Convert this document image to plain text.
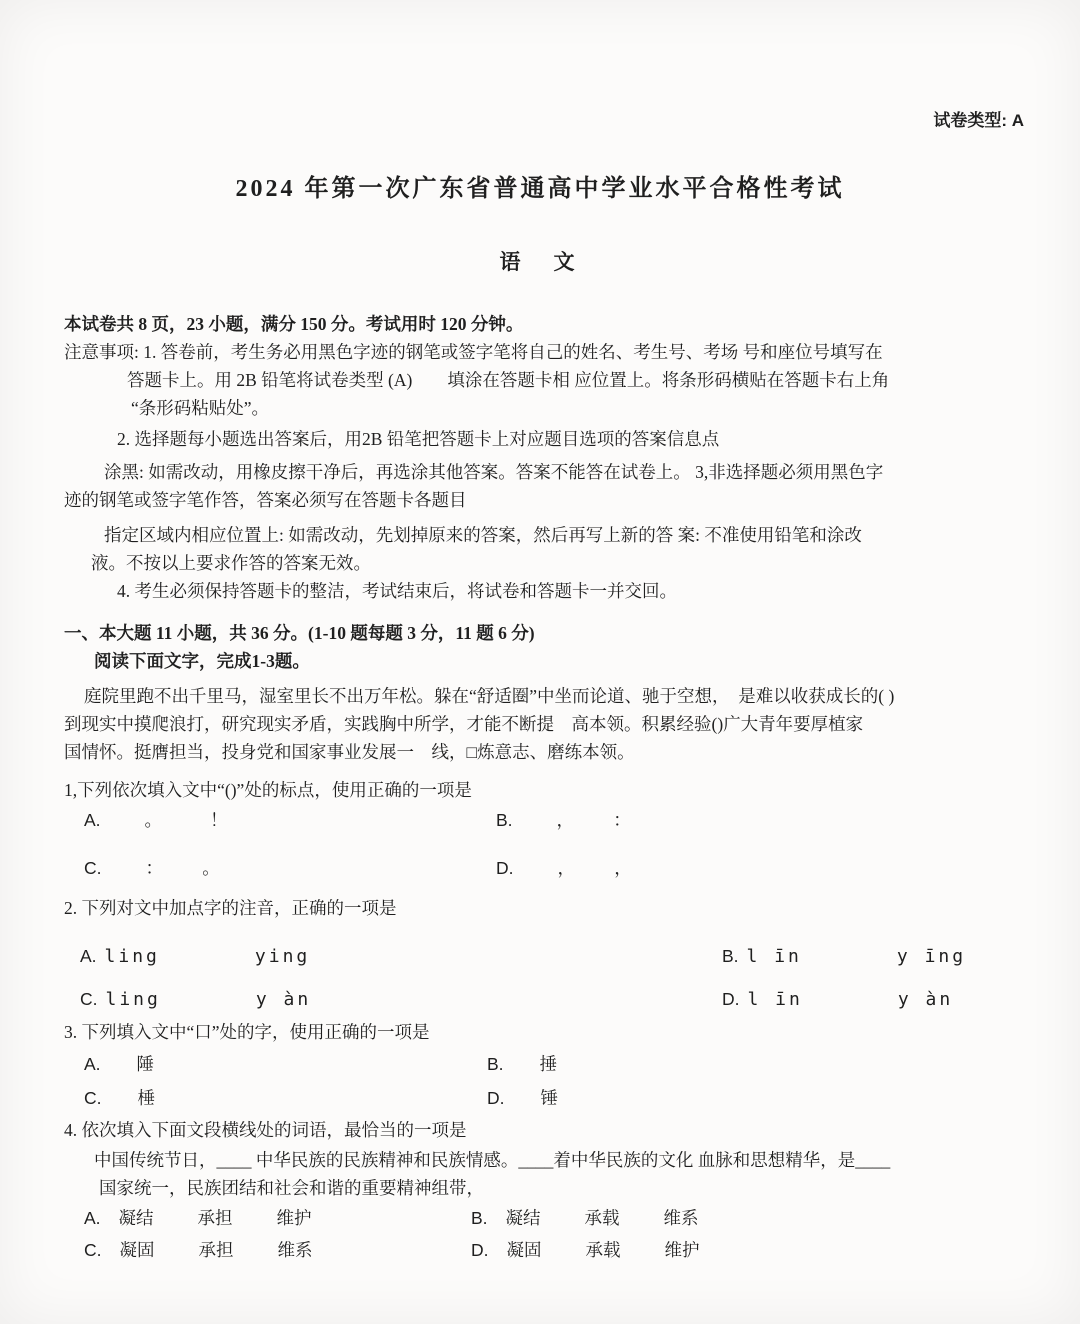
试卷类型: A
2024 年第一次广东省普通高中学业水平合格性考试
语　文
本试卷共 8 页，23 小题，满分 150 分。考试用时 120 分钟。
注意事项: 1. 答卷前，考生务必用黑色字迹的钢笔或签字笔将自己的姓名、考生号、考场 号和座位号填写在
答题卡上。用 2B 铅笔将试卷类型 (A)　　填涂在答题卡相 应位置上。将条形码横贴在答题卡右上角
“条形码粘贴处”。
2. 选择题每小题选出答案后，用2B 铅笔把答题卡上对应题目选项的答案信息点
涂黑: 如需改动，用橡皮擦干净后，再选涂其他答案。答案不能答在试卷上。 3,非选择题必须用黑色字
迹的钢笔或签字笔作答，答案必须写在答题卡各题目
指定区域内相应位置上: 如需改动，先划掉原来的答案，然后再写上新的答 案: 不准使用铅笔和涂改
液。不按以上要求作答的答案无效。
4. 考生必须保持答题卡的整洁，考试结束后，将试卷和答题卡一并交回。
一、本大题 11 小题，共 36 分。(1-10 题每题 3 分，11 题 6 分)
阅读下面文字，完成1-3题。
庭院里跑不出千里马，湿室里长不出万年松。躲在“舒适圈”中坐而论道、驰于空想，　是难以收获成长的( )
到现实中摸爬浪打，研究现实矛盾，实践胸中所学，才能不断提　高本领。积累经验()广大青年要厚植家
国情怀。挺膺担当，投身党和国家事业发展一　线，□炼意志、磨练本领。
1,下列依次填入文中“()”处的标点，使用正确的一项是
A.	。	！	B.	，	：
C.	：	。	D.	，	，
2. 下列对文中加点字的注音，正确的一项是
A. ling	ying	B. l īn	y īng
C. ling	y àn	D. l īn	y àn
3. 下列填入文中“口”处的字，使用正确的一项是
A. 陲	B. 捶
C. 棰	D. 锤
4. 依次填入下面文段横线处的词语，最恰当的一项是
中国传统节日，____ 中华民族的民族精神和民族情感。____着中华民族的文化 血脉和思想精华，是____
国家统一，民族团结和社会和谐的重要精神组带，
A. 凝结	承担	维护	B. 凝结	承载	维系
C. 凝固	承担	维系	D. 凝固	承载	维护
